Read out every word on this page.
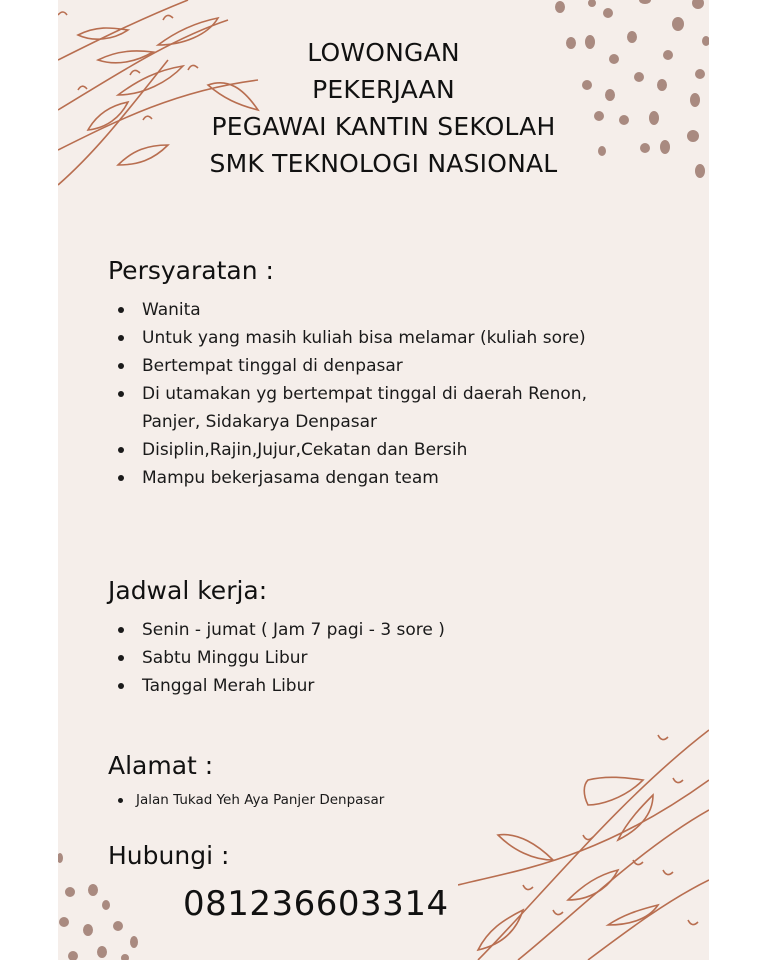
LOWONGAN
PEKERJAAN
PEGAWAI KANTIN SEKOLAH
SMK TEKNOLOGI NASIONAL
Persyaratan :
Wanita
Untuk yang masih kuliah bisa melamar (kuliah sore)
Bertempat tinggal di denpasar
Di utamakan yg bertempat tinggal di daerah Renon, Panjer, Sidakarya Denpasar
Disiplin,Rajin,Jujur,Cekatan dan Bersih
Mampu bekerjasama dengan team
Jadwal kerja:
Senin - jumat ( Jam 7 pagi - 3 sore )
Sabtu Minggu Libur
Tanggal Merah Libur
Alamat :
Jalan Tukad Yeh Aya Panjer Denpasar
Hubungi :
081236603314
